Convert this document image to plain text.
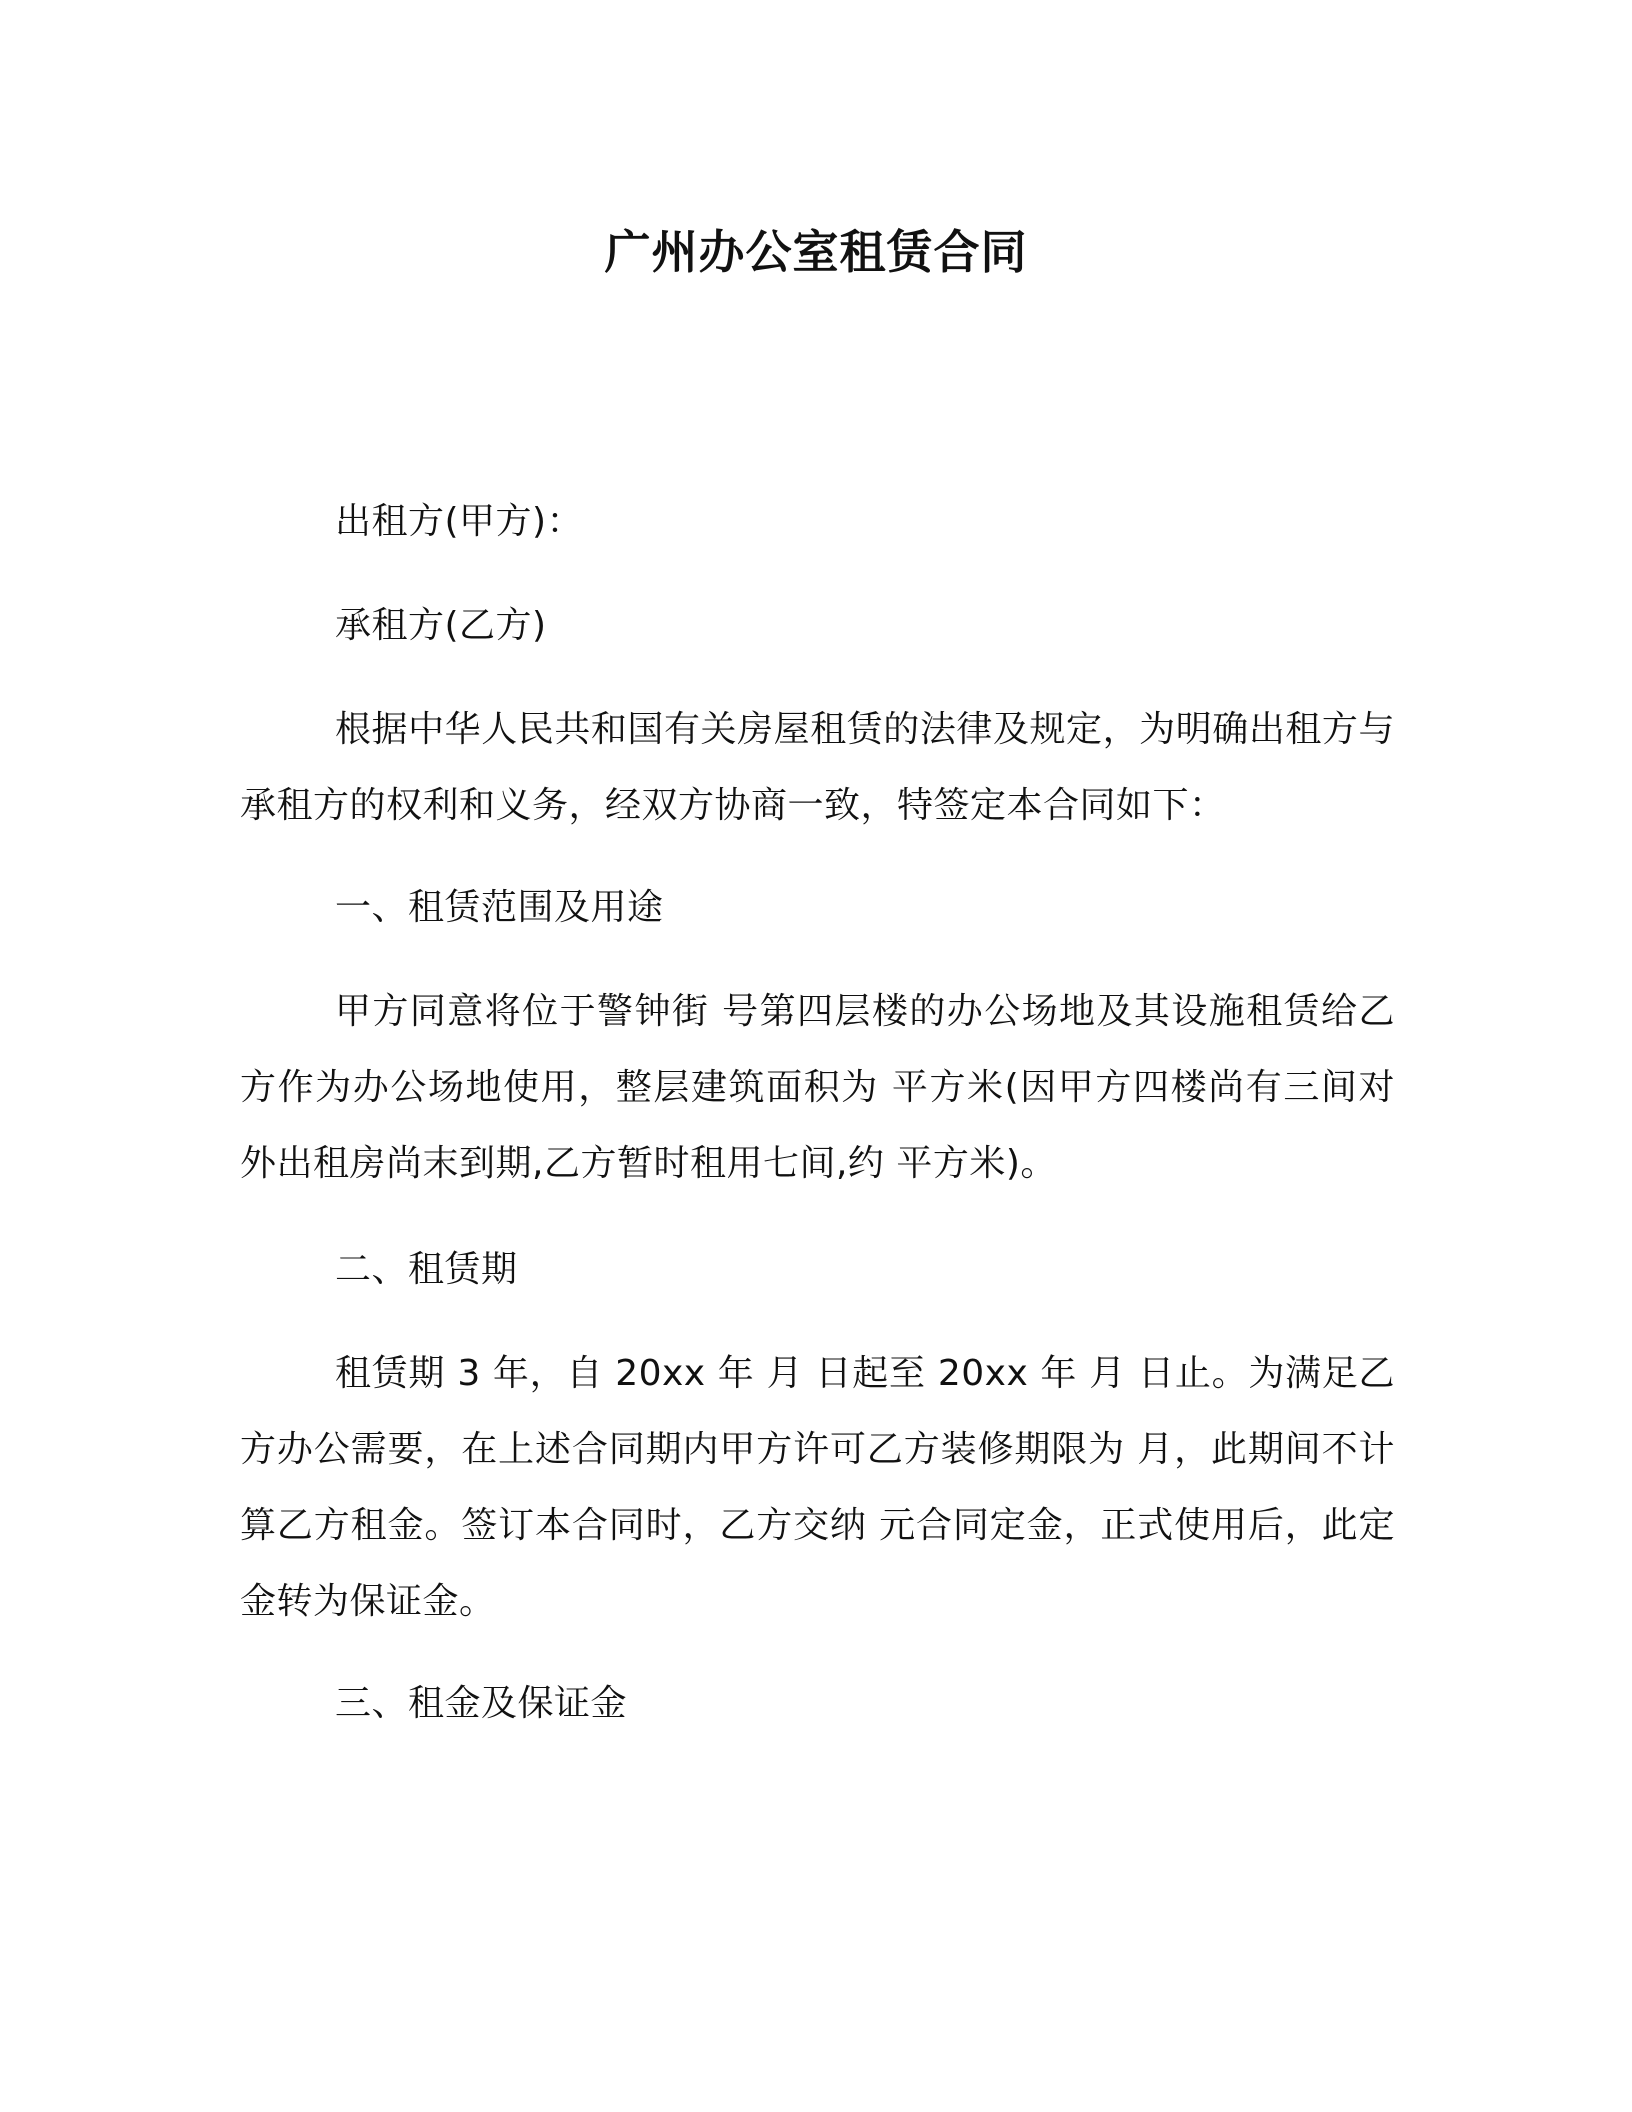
广州办公室租赁合同

出租方(甲方)：

承租方(乙方)

根据中华人民共和国有关房屋租赁的法律及规定，为明确出租方与承租方的权利和义务，经双方协商一致，特签定本合同如下：

一、租赁范围及用途

甲方同意将位于警钟街 号第四层楼的办公场地及其设施租赁给乙方作为办公场地使用，整层建筑面积为 平方米(因甲方四楼尚有三间对外出租房尚末到期,乙方暂时租用七间,约 平方米)。

二、租赁期

租赁期 3 年，自 20xx 年 月 日起至 20xx 年 月 日止。为满足乙方办公需要，在上述合同期内甲方许可乙方装修期限为 月，此期间不计算乙方租金。签订本合同时，乙方交纳 元合同定金，正式使用后，此定金转为保证金。

三、租金及保证金
